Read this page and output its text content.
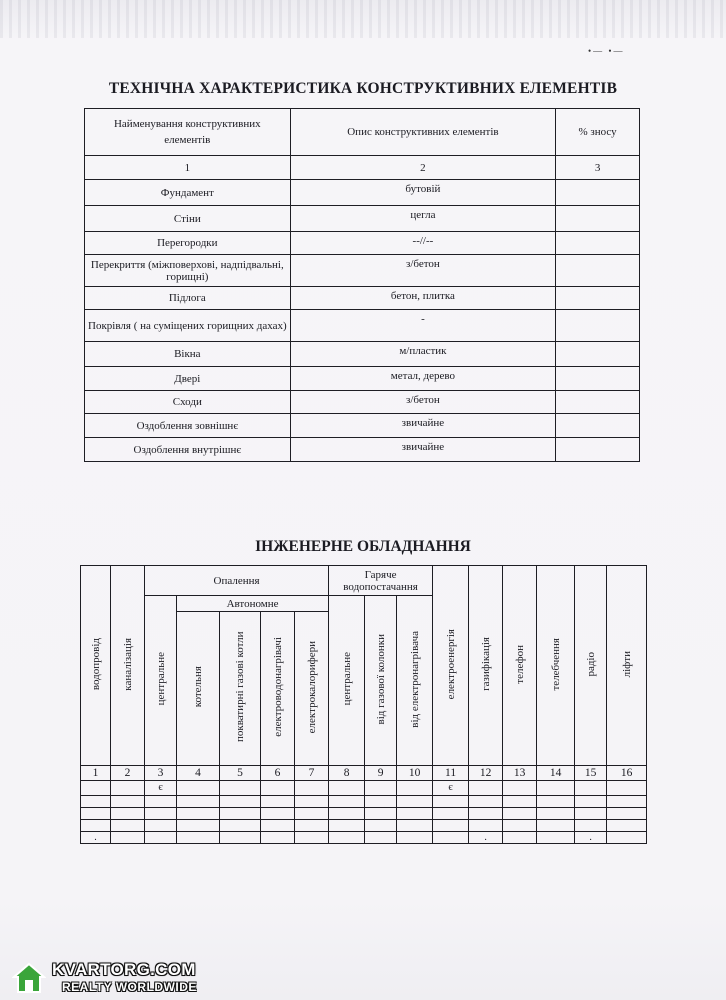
•— •—
ТЕХНІЧНА ХАРАКТЕРИСТИКА КОНСТРУКТИВНИХ ЕЛЕМЕНТІВ
Найменування конструктивних елементів	Опис конструктивних елементів	% зносу
1	2	3
Фундамент	бутовій	
Стіни	цегла	
Перегородки	--//--	
Перекриття (міжповерхові, надпідвальні, горищні)	з/бетон	
Підлога	бетон, плитка	
Покрівля ( на суміщених горищних дахах)	-	
Вікна	м/пластик	
Двері	метал, дерево	
Сходи	з/бетон	
Оздоблення зовнішнє	звичайне	
Оздоблення внутрішнє	звичайне	
ІНЖЕНЕРНЕ ОБЛАДНАННЯ
водопровід	каналізація	Опалення					Гаряче водопостачання			електроенергія	газифікація	телефон	телебчення	радіо	ліфти
		центральне	Автономне				центральне	від газової колонки	від електронагрівача						
			котельня	покватирні газові котли	електроводонагрівачі	електрокалорифери									
1	2	3	4	5	6	7	8	9	10	11	12	13	14	15	16
		є								є					

.											.			.	
KVARTORG.COM
REALTY WORLDWIDE
